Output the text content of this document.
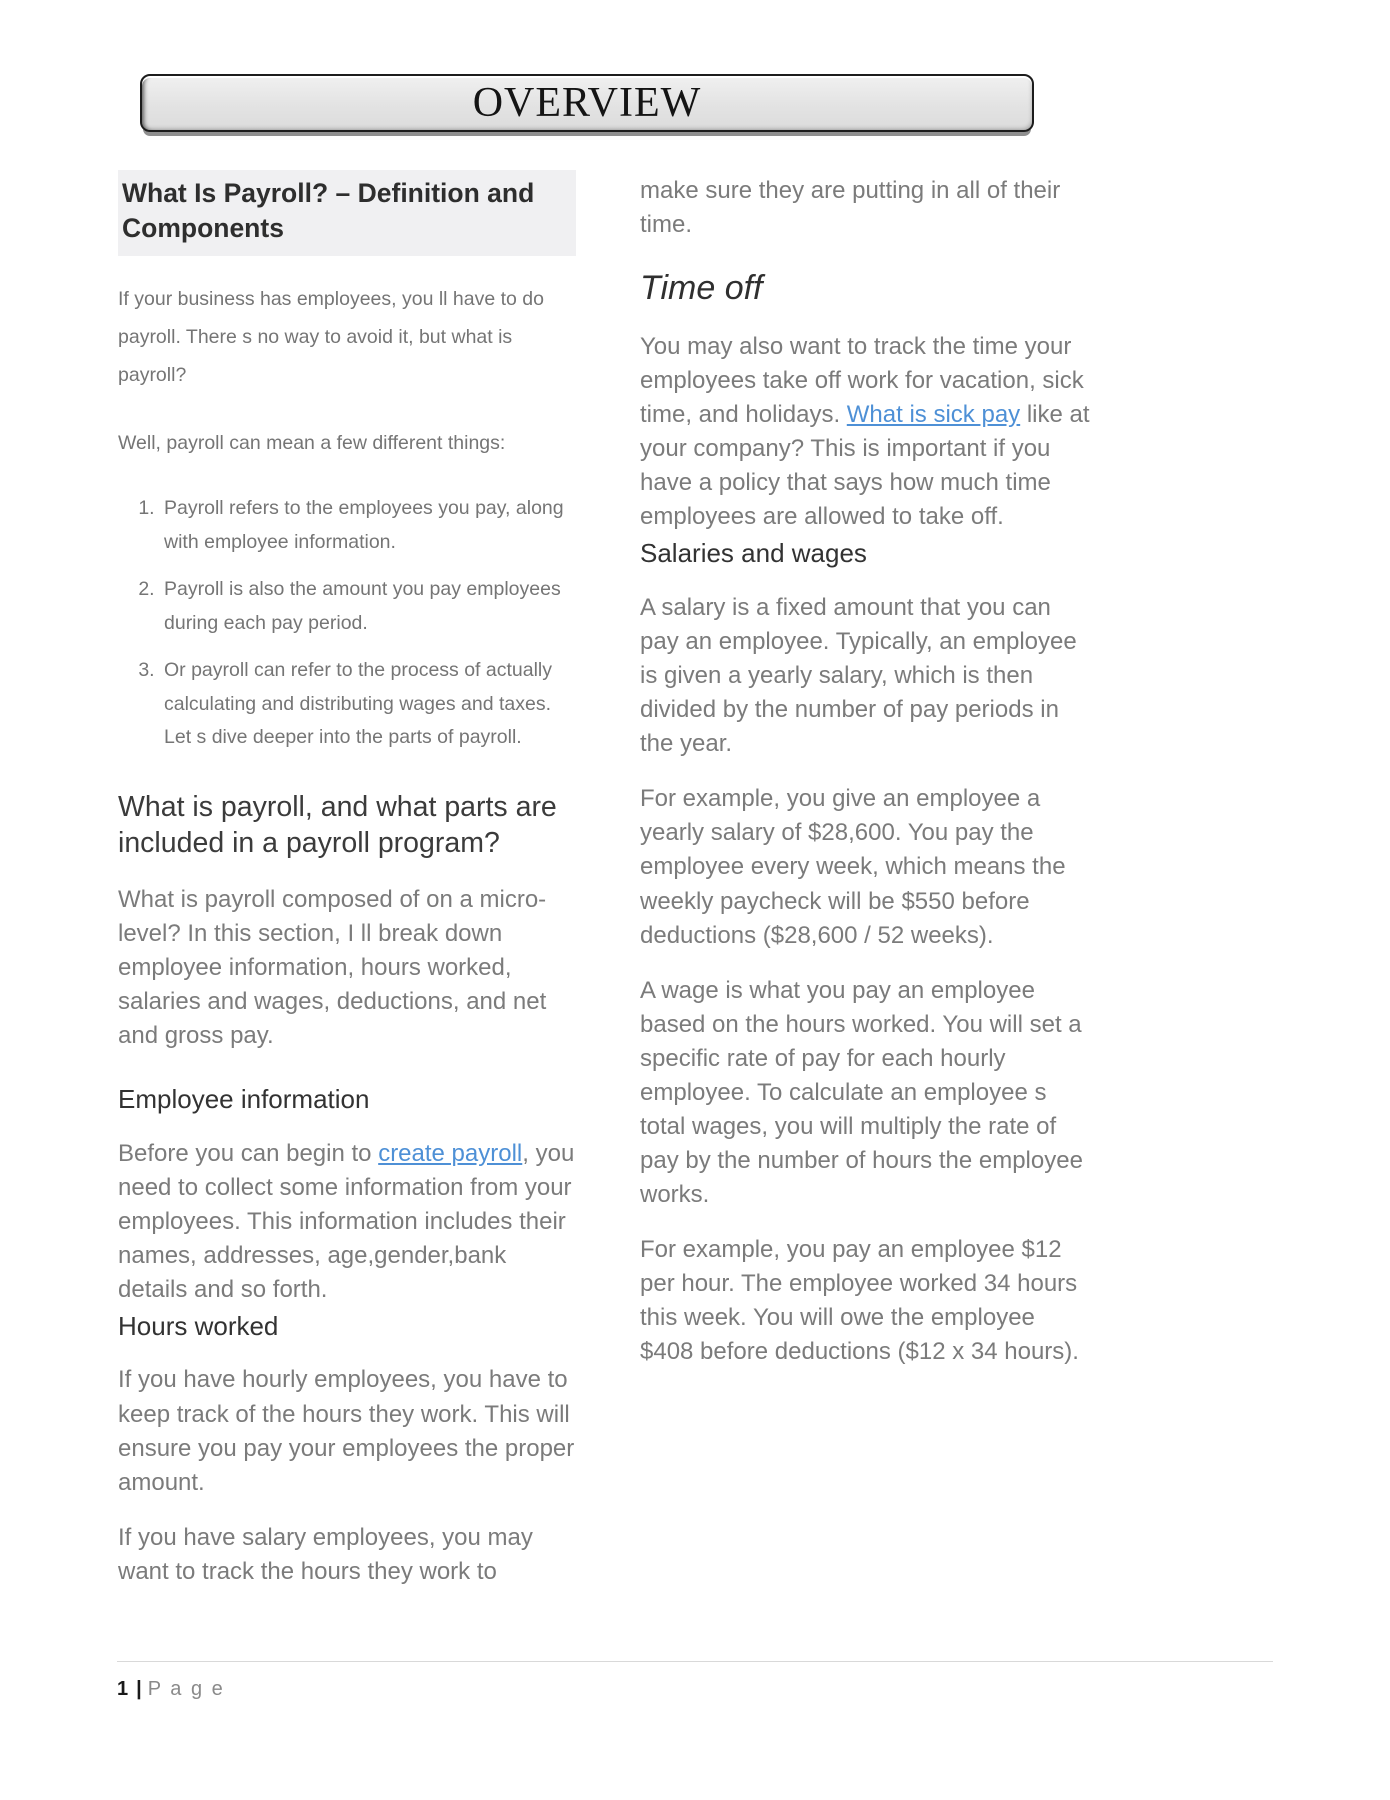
OVERVIEW
What Is Payroll? – Definition and Components

If your business has employees, you ll have to do payroll. There s no way to avoid it, but what is payroll?

Well, payroll can mean a few different things:

1. Payroll refers to the employees you pay, along with employee information.
2. Payroll is also the amount you pay employees during each pay period.
3. Or payroll can refer to the process of actually calculating and distributing wages and taxes. Let s dive deeper into the parts of payroll.
What is payroll, and what parts are included in a payroll program?

What is payroll composed of on a micro-level? In this section, I ll break down employee information, hours worked, salaries and wages, deductions, and net and gross pay.

Employee information

Before you can begin to create payroll, you need to collect some information from your employees. This information includes their names, addresses, age,gender,bank details and so forth.

Hours worked

If you have hourly employees, you have to keep track of the hours they work. This will ensure you pay your employees the proper amount.

If you have salary employees, you may want to track the hours they work to

make sure they are putting in all of their time.

Time off

You may also want to track the time your employees take off work for vacation, sick time, and holidays. What is sick pay like at your company? This is important if you have a policy that says how much time employees are allowed to take off.

Salaries and wages

A salary is a fixed amount that you can pay an employee. Typically, an employee is given a yearly salary, which is then divided by the number of pay periods in the year.

For example, you give an employee a yearly salary of $28,600. You pay the employee every week, which means the weekly paycheck will be $550 before deductions ($28,600 / 52 weeks).

A wage is what you pay an employee based on the hours worked. You will set a specific rate of pay for each hourly employee. To calculate an employee s total wages, you will multiply the rate of pay by the number of hours the employee works.

For example, you pay an employee $12 per hour. The employee worked 34 hours this week. You will owe the employee $408 before deductions ($12 x 34 hours).

1 | P a g e
